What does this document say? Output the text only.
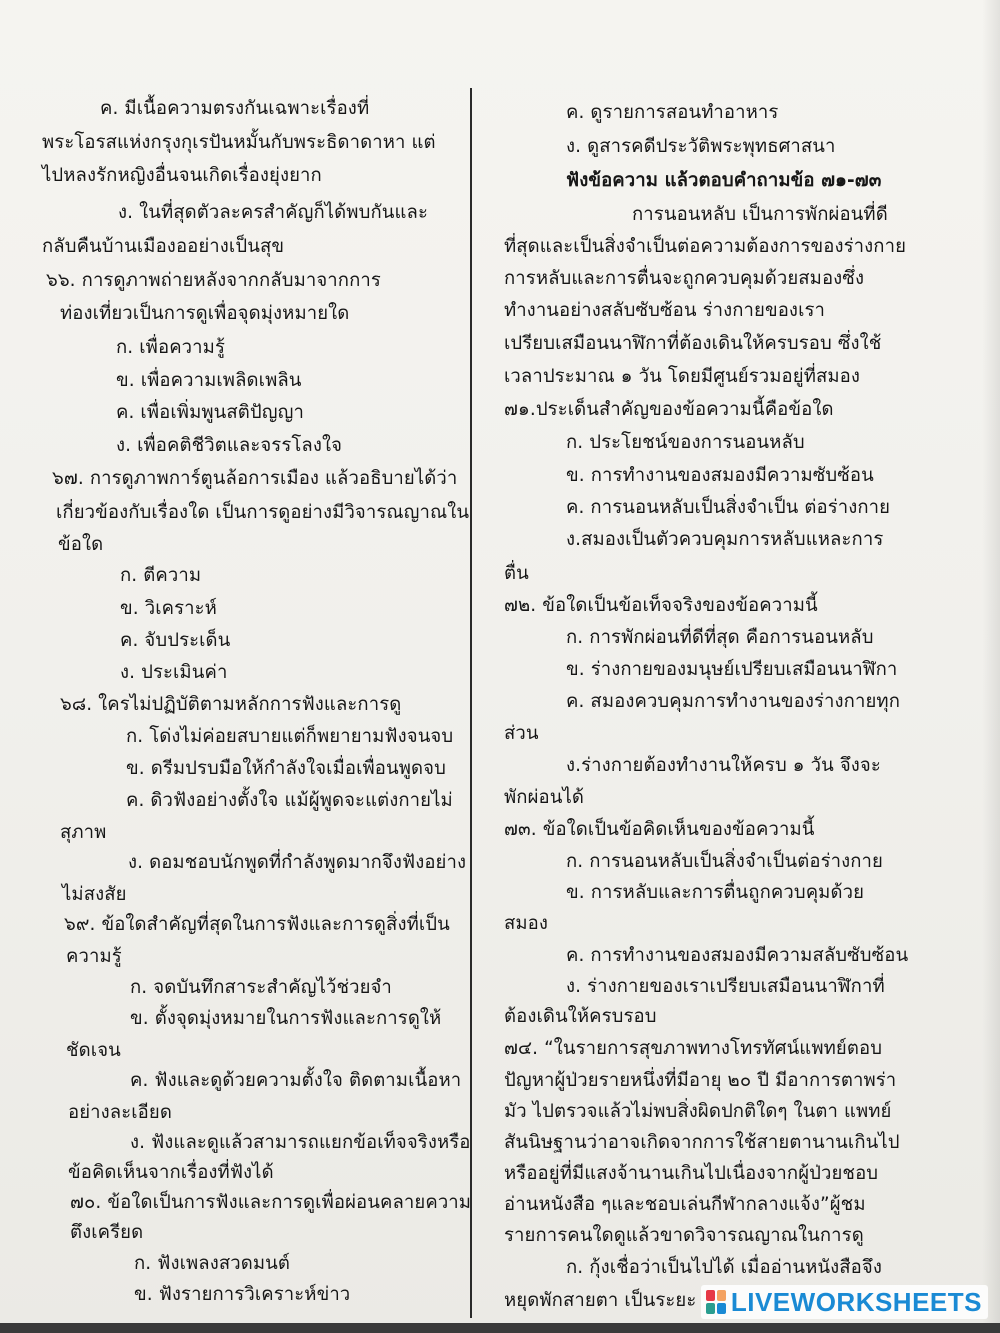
ค. มีเนื้อความตรงกันเฉพาะเรื่องที่
พระโอรสแห่งกรุงกุเรปันหมั้นกับพระธิดาดาหา แต่
ไปหลงรักหญิงอื่นจนเกิดเรื่องยุ่งยาก
ง. ในที่สุดตัวละครสำคัญก็ได้พบกันและ
กลับคืนบ้านเมืองออย่างเป็นสุข
๖๖. การดูภาพถ่ายหลังจากกลับมาจากการ
ท่องเที่ยวเป็นการดูเพื่อจุดมุ่งหมายใด
ก. เพื่อความรู้
ข. เพื่อความเพลิดเพลิน
ค. เพื่อเพิ่มพูนสติปัญญา
ง. เพื่อคติชีวิตและจรรโลงใจ
๖๗. การดูภาพการ์ตูนล้อการเมือง แล้วอธิบายได้ว่า
เกี่ยวข้องกับเรื่องใด เป็นการดูอย่างมีวิจารณญาณใน
ข้อใด
ก. ตีความ
ข. วิเคราะห์
ค. จับประเด็น
ง. ประเมินค่า
๖๘. ใครไม่ปฏิบัติตามหลักการฟังและการดู
ก. โด่งไม่ค่อยสบายแต่ก็พยายามฟังจนจบ
ข. ดรีมปรบมือให้กำลังใจเมื่อเพื่อนพูดจบ
ค. ดิวฟังอย่างตั้งใจ แม้ผู้พูดจะแต่งกายไม่
สุภาพ
ง. ดอมชอบนักพูดที่กำลังพูดมากจึงฟังอย่าง
ไม่สงสัย
๖๙. ข้อใดสำคัญที่สุดในการฟังและการดูสิ่งที่เป็น
ความรู้
ก. จดบันทึกสาระสำคัญไว้ช่วยจำ
ข. ตั้งจุดมุ่งหมายในการฟังและการดูให้
ชัดเจน
ค. ฟังและดูด้วยความตั้งใจ ติดตามเนื้อหา
อย่างละเอียด
ง. ฟังและดูแล้วสามารถแยกข้อเท็จจริงหรือ
ข้อคิดเห็นจากเรื่องที่ฟังได้
๗๐. ข้อใดเป็นการฟังและการดูเพื่อผ่อนคลายความ
ตึงเครียด
ก. ฟังเพลงสวดมนต์
ข. ฟังรายการวิเคราะห์ข่าว
ค. ดูรายการสอนทำอาหาร
ง. ดูสารคดีประวัติพระพุทธศาสนา
ฟังข้อความ แล้วตอบคำถามข้อ ๗๑-๗๓
การนอนหลับ เป็นการพักผ่อนที่ดี
ที่สุดและเป็นสิ่งจำเป็นต่อความต้องการของร่างกาย
การหลับและการตื่นจะถูกควบคุมด้วยสมองซึ่ง
ทำงานอย่างสลับซับซ้อน ร่างกายของเรา
เปรียบเสมือนนาฬิกาที่ต้องเดินให้ครบรอบ ซึ่งใช้
เวลาประมาณ ๑ วัน โดยมีศูนย์รวมอยู่ที่สมอง
๗๑.ประเด็นสำคัญของข้อความนี้คือข้อใด
ก. ประโยชน์ของการนอนหลับ
ข. การทำงานของสมองมีความซับซ้อน
ค. การนอนหลับเป็นสิ่งจำเป็น ต่อร่างกาย
ง.สมองเป็นตัวควบคุมการหลับแหละการ
ตื่น
๗๒. ข้อใดเป็นข้อเท็จจริงของข้อความนี้
ก. การพักผ่อนที่ดีที่สุด คือการนอนหลับ
ข. ร่างกายของมนุษย์เปรียบเสมือนนาฬิกา
ค. สมองควบคุมการทำงานของร่างกายทุก
ส่วน
ง.ร่างกายต้องทำงานให้ครบ ๑ วัน จึงจะ
พักผ่อนได้
๗๓. ข้อใดเป็นข้อคิดเห็นของข้อความนี้
ก. การนอนหลับเป็นสิ่งจำเป็นต่อร่างกาย
ข. การหลับและการตื่นถูกควบคุมด้วย
สมอง
ค. การทำงานของสมองมีความสลับซับซ้อน
ง. ร่างกายของเราเปรียบเสมือนนาฬิกาที่
ต้องเดินให้ครบรอบ
๗๔. “ในรายการสุขภาพทางโทรทัศน์แพทย์ตอบ
ปัญหาผู้ป่วยรายหนึ่งที่มีอายุ ๒๐ ปี มีอาการตาพร่า
มัว ไปตรวจแล้วไม่พบสิ่งผิดปกติใดๆ ในตา แพทย์
สันนิษฐานว่าอาจเกิดจากการใช้สายตานานเกินไป
หรืออยู่ที่มีแสงจ้านานเกินไปเนื่องจากผู้ป่วยชอบ
อ่านหนังสือ ๆและชอบเล่นกีฬากลางแจ้ง”ผู้ชม
รายการคนใดดูแล้วขาดวิจารณญาณในการดู
ก. กุ้งเชื่อว่าเป็นไปได้ เมื่ออ่านหนังสือจึง
หยุดพักสายตา เป็นระยะ LIVEWORKSHEETS
